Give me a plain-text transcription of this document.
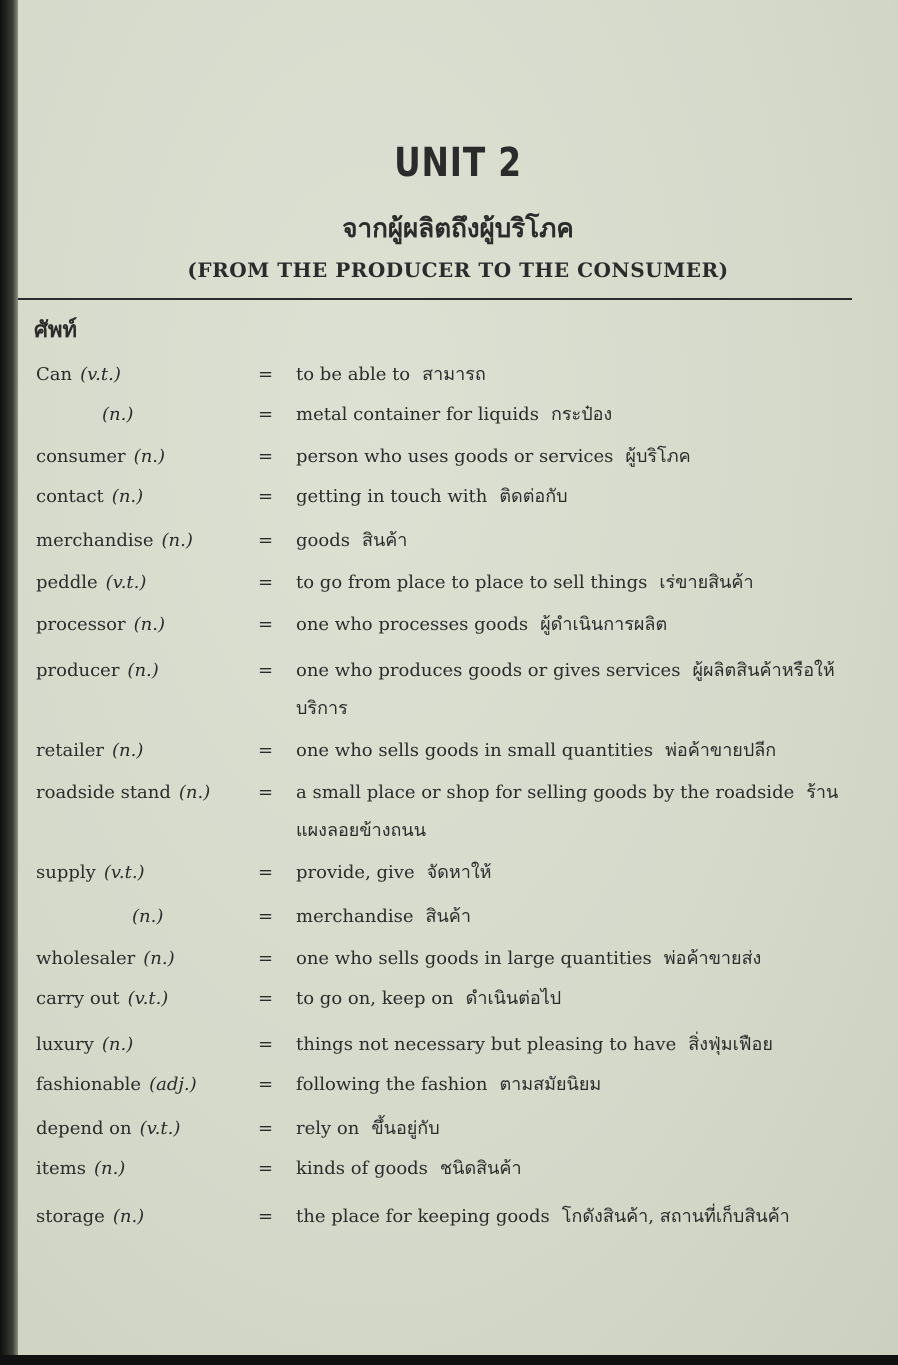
UNIT 2
จากผู้ผลิตถึงผู้บริโภค
(FROM THE PRODUCER TO THE CONSUMER)
ศัพท์
Can (v.t.)	= to be able to สามารถ
(n.)	= metal container for liquids กระป๋อง
consumer (n.)	= person who uses goods or services ผู้บริโภค
contact (n.)	= getting in touch with ติดต่อกับ
merchandise (n.)	= goods สินค้า
peddle (v.t.)	= to go from place to place to sell things เร่ขายสินค้า
processor (n.)	= one who processes goods ผู้ดำเนินการผลิต
producer (n.)	= one who produces goods or gives services ผู้ผลิตสินค้าหรือให้บริการ
retailer (n.)	= one who sells goods in small quantities พ่อค้าขายปลีก
roadside stand (n.)	= a small place or shop for selling goods by the roadside ร้านแผงลอยข้างถนน
supply (v.t.)	= provide, give จัดหาให้
(n.)	= merchandise สินค้า
wholesaler (n.)	= one who sells goods in large quantities พ่อค้าขายส่ง
carry out (v.t.)	= to go on, keep on ดำเนินต่อไป
luxury (n.)	= things not necessary but pleasing to have สิ่งฟุ่มเฟือย
fashionable (adj.)	= following the fashion ตามสมัยนิยม
depend on (v.t.)	= rely on ขึ้นอยู่กับ
items (n.)	= kinds of goods ชนิดสินค้า
storage (n.)	= the place for keeping goods โกดังสินค้า, สถานที่เก็บสินค้า
